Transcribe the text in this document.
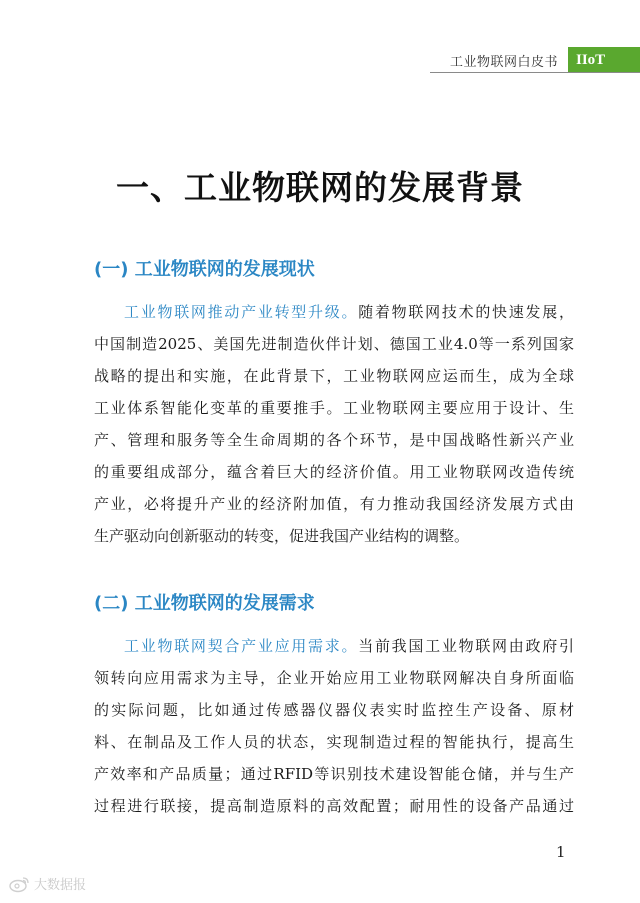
工业物联网白皮书	IIoT
一、工业物联网的发展背景
(一) 工业物联网的发展现状
工业物联网推动产业转型升级。随着物联网技术的快速发展，
中国制造2025、美国先进制造伙伴计划、德国工业4.0等一系列国家
战略的提出和实施，在此背景下，工业物联网应运而生，成为全球
工业体系智能化变革的重要推手。工业物联网主要应用于设计、生
产、管理和服务等全生命周期的各个环节，是中国战略性新兴产业
的重要组成部分，蕴含着巨大的经济价值。用工业物联网改造传统
产业，必将提升产业的经济附加值，有力推动我国经济发展方式由
生产驱动向创新驱动的转变，促进我国产业结构的调整。
(二) 工业物联网的发展需求
工业物联网契合产业应用需求。当前我国工业物联网由政府引
领转向应用需求为主导，企业开始应用工业物联网解决自身所面临
的实际问题，比如通过传感器仪器仪表实时监控生产设备、原材
料、在制品及工作人员的状态，实现制造过程的智能执行，提高生
产效率和产品质量；通过RFID等识别技术建设智能仓储，并与生产
过程进行联接，提高制造原料的高效配置；耐用性的设备产品通过
1
大数据报
